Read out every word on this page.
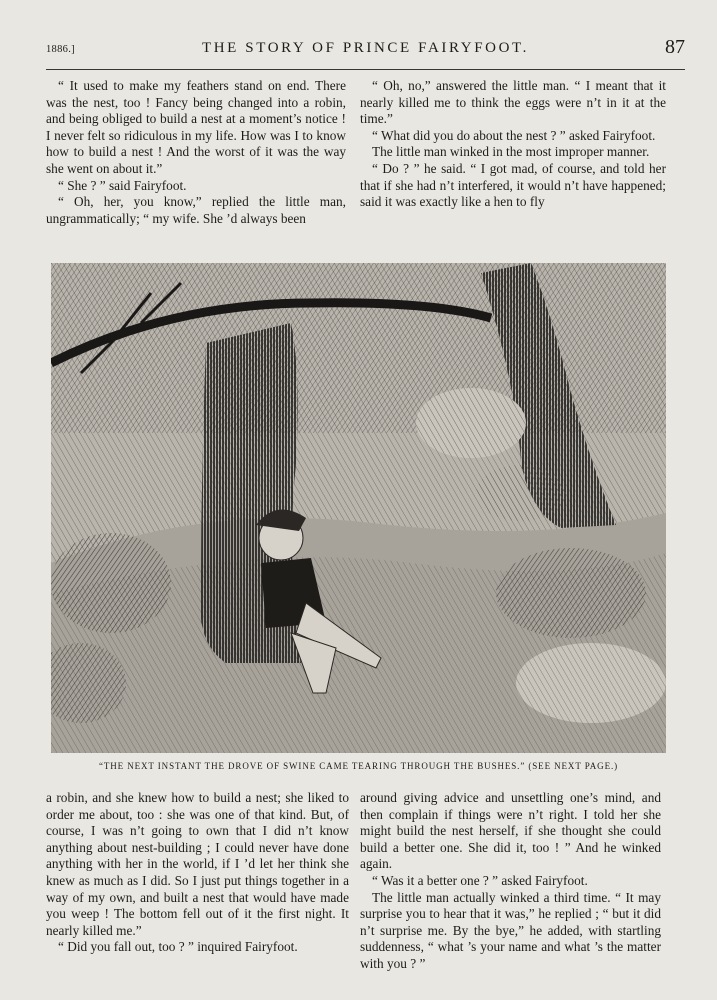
1886.]	THE STORY OF PRINCE FAIRYFOOT.	87

“ It used to make my feathers stand on end. There was the nest, too ! Fancy being changed into a robin, and being obliged to build a nest at a moment’s notice ! I never felt so ridiculous in my life. How was I to know how to build a nest ! And the worst of it was the way she went on about it.”

“ She ? ” said Fairyfoot.

“ Oh, her, you know,” replied the little man, ungrammatically; “ my wife. She ’d always been

“ Oh, no,” answered the little man. “ I meant that it nearly killed me to think the eggs were n’t in it at the time.”

“ What did you do about the nest ? ” asked Fairyfoot.

The little man winked in the most improper manner.

“ Do ? ” he said. “ I got mad, of course, and told her that if she had n’t interfered, it would n’t have happened; said it was exactly like a hen to fly

“THE NEXT INSTANT THE DROVE OF SWINE CAME TEARING THROUGH THE BUSHES.” (SEE NEXT PAGE.)

a robin, and she knew how to build a nest; she liked to order me about, too : she was one of that kind. But, of course, I was n’t going to own that I did n’t know anything about nest-building ; I could never have done anything with her in the world, if I ’d let her think she knew as much as I did. So I just put things together in a way of my own, and built a nest that would have made you weep ! The bottom fell out of it the first night. It nearly killed me.”

“ Did you fall out, too ? ” inquired Fairyfoot.

around giving advice and unsettling one’s mind, and then complain if things were n’t right. I told her she might build the nest herself, if she thought she could build a better one. She did it, too ! ” And he winked again.

“ Was it a better one ? ” asked Fairyfoot.

The little man actually winked a third time. “ It may surprise you to hear that it was,” he replied ; “ but it did n’t surprise me. By the bye,” he added, with startling suddenness, “ what ’s your name and what ’s the matter with you ? ”
